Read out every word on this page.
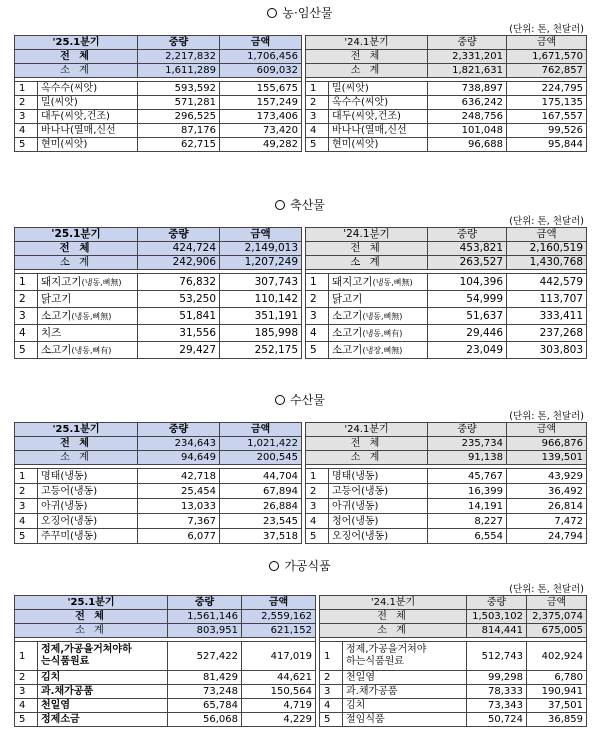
농·임산물
(단위: 톤, 천달러)
'25.1분기		중량	금액		'24.1분기		중량	금액
전 체		2,217,832	1,706,456		전 체		2,331,201	1,671,570
소 계		1,611,289	609,032		소 계		1,821,631	762,857

1	옥수수(씨앗)	593,592	155,675		1	밀(씨앗)	738,897	224,795
2	밀(씨앗)	571,281	157,249		2	옥수수(씨앗)	636,242	175,135
3	대두(씨앗,건조)	296,525	173,406		3	대두(씨앗,건조)	248,756	167,557
4	바나나(열매,신선	87,176	73,420		4	바나나(열매,신선	101,048	99,526
5	현미(씨앗)	62,715	49,282		5	현미(씨앗)	96,688	95,844
축산물
(단위: 톤, 천달러)
'25.1분기		중량	금액		'24.1분기		중량	금액
전 체		424,724	2,149,013		전 체		453,821	2,160,519
소 계		242,906	1,207,249		소 계		263,527	1,430,768

1	돼지고기(냉동,뼈無)	76,832	307,743		1	돼지고기(냉동,뼈無)	104,396	442,579
2	닭고기	53,250	110,142		2	닭고기	54,999	113,707
3	소고기(냉동,뼈無)	51,841	351,191		3	소고기(냉동,뼈無)	51,637	333,411
4	치즈	31,556	185,998		4	소고기(냉동,뼈有)	29,446	237,268
5	소고기(냉동,뼈有)	29,427	252,175		5	소고기(냉장,뼈無)	23,049	303,803
수산물
(단위: 톤, 천달러)
'25.1분기		중량	금액		'24.1분기		중량	금액
전 체		234,643	1,021,422		전 체		235,734	966,876
소 계		94,649	200,545		소 계		91,138	139,501

1	명태(냉동)	42,718	44,704		1	명태(냉동)	45,767	43,929
2	고등어(냉동)	25,454	67,894		2	고등어(냉동)	16,399	36,492
3	아귀(냉동)	13,033	26,884		3	아귀(냉동)	14,191	26,814
4	오징어(냉동)	7,367	23,545		4	청어(냉동)	8,227	7,472
5	주꾸미(냉동)	6,077	37,518		5	오징어(냉동)	6,554	24,794
가공식품
(단위: 톤, 천달러)
'25.1분기		중량	금액		'24.1분기		중량	금액
전 체		1,561,146	2,559,162		전 체		1,503,102	2,375,074
소 계		803,951	621,152		소 계		814,441	675,005

1	정제,가공을거쳐야하
는식품원료	527,422	417,019		1	정제,가공을거쳐야
하는식품원료	512,743	402,924
2	김치	81,429	44,621		2	천일염	99,298	6,780
3	과.채가공품	73,248	150,564		3	과.채가공품	78,333	190,941
4	천일염	65,784	4,719		4	김치	73,343	37,501
5	정제소금	56,068	4,229		5	절임식품	50,724	36,859
